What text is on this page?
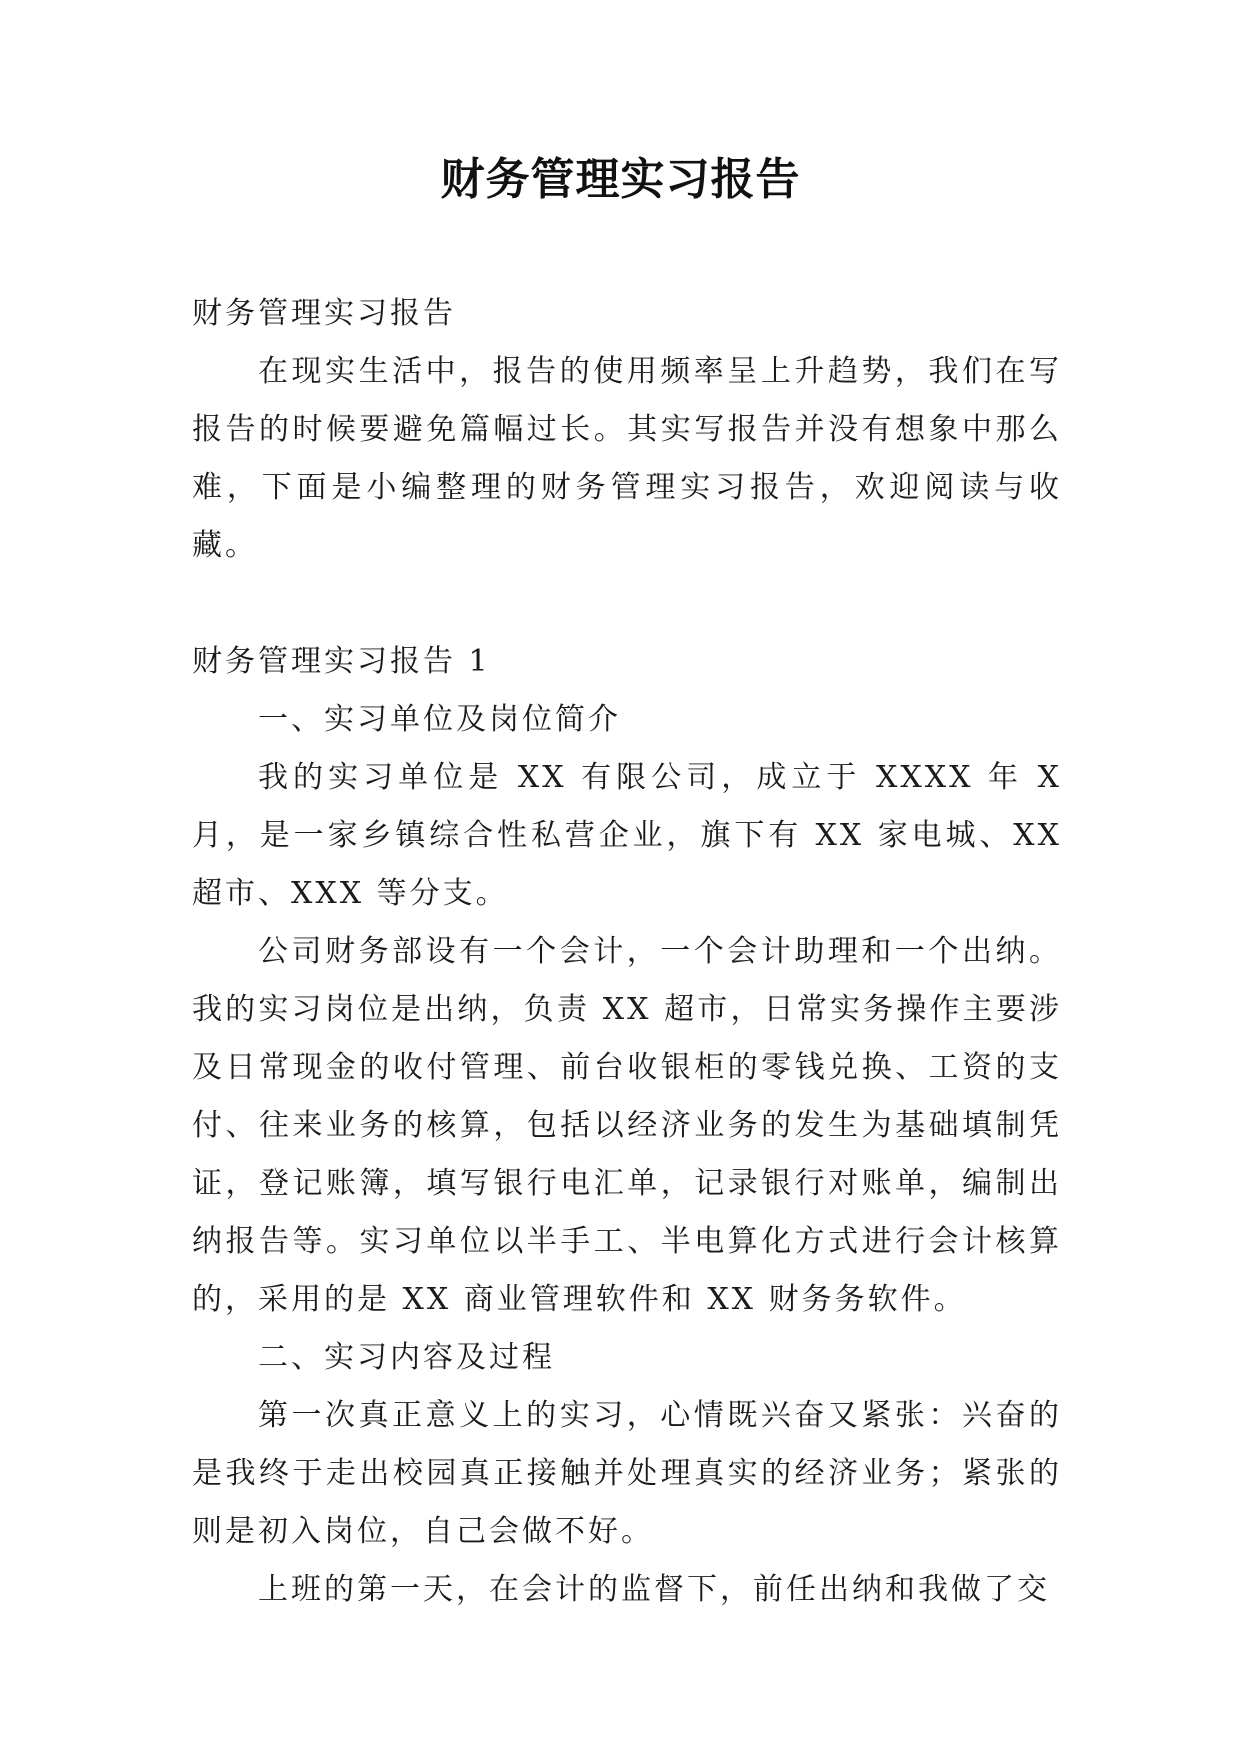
财务管理实习报告

财务管理实习报告

在现实生活中，报告的使用频率呈上升趋势，我们在写报告的时候要避免篇幅过长。其实写报告并没有想象中那么难，下面是小编整理的财务管理实习报告，欢迎阅读与收藏。

财务管理实习报告 1

一、实习单位及岗位简介

我的实习单位是 XX 有限公司，成立于 XXXX 年 X 月，是一家乡镇综合性私营企业，旗下有 XX 家电城、XX 超市、XXX 等分支。

公司财务部设有一个会计，一个会计助理和一个出纳。我的实习岗位是出纳，负责 XX 超市，日常实务操作主要涉及日常现金的收付管理、前台收银柜的零钱兑换、工资的支付、往来业务的核算，包括以经济业务的发生为基础填制凭证，登记账簿，填写银行电汇单，记录银行对账单，编制出纳报告等。实习单位以半手工、半电算化方式进行会计核算的，采用的是 XX 商业管理软件和 XX 财务务软件。

二、实习内容及过程

第一次真正意义上的实习，心情既兴奋又紧张：兴奋的是我终于走出校园真正接触并处理真实的经济业务；紧张的则是初入岗位，自己会做不好。

上班的第一天，在会计的监督下，前任出纳和我做了交
